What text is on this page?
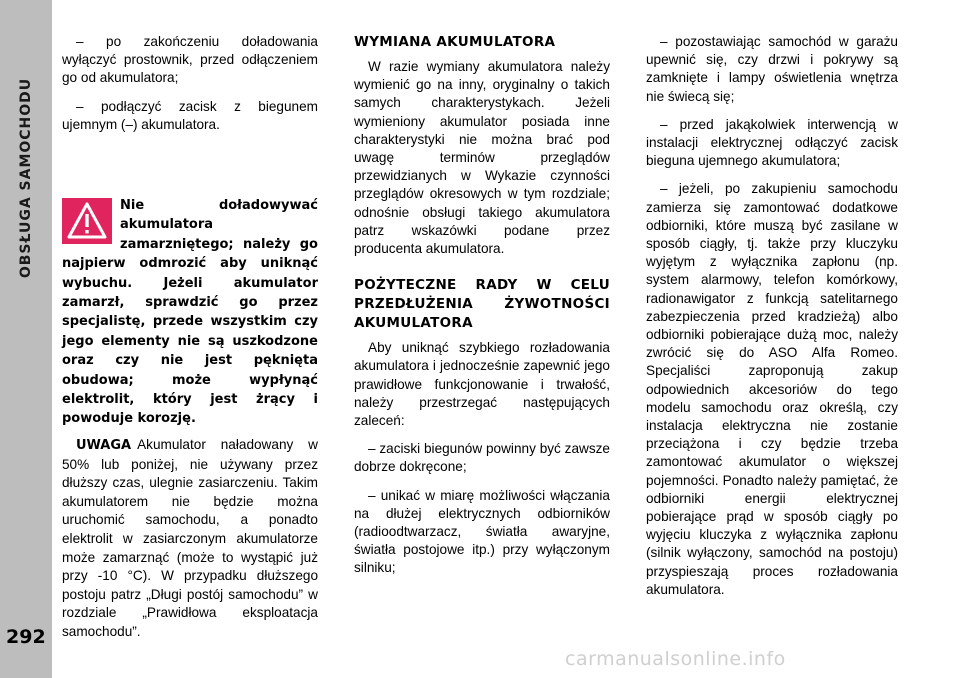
OBSŁUGA SAMOCHODU
292

– po zakończeniu doładowania wyłączyć prostownik, przed odłączeniem go od akumulatora;

– podłączyć zacisk z biegunem ujemnym (–) akumulatora.

Nie doładowywać akumulatora zamarzniętego; należy go najpierw odmrozić aby uniknąć wybuchu. Jeżeli akumulator zamarzł, sprawdzić go przez specjalistę, przede wszystkim czy jego elementy nie są uszkodzone oraz czy nie jest pęknięta obudowa; może wypłynąć elektrolit, który jest żrący i powoduje korozję.
UWAGA Akumulator naładowany w 50% lub poniżej, nie używany przez dłuższy czas, ulegnie zasiarczeniu. Takim akumulatorem nie będzie można uruchomić samochodu, a ponadto elektrolit w zasiarczonym akumulatorze może zamarznąć (może to wystąpić już przy -10 °C). W przypadku dłuższego postoju patrz „Długi postój samochodu” w rozdziale „Prawidłowa eksploatacja samochodu”.
WYMIANA AKUMULATORA

W razie wymiany akumulatora należy wymienić go na inny, oryginalny o takich samych charakterystykach. Jeżeli wymieniony akumulator posiada inne charakterystyki nie można brać pod uwagę terminów przeglądów przewidzianych w Wykazie czynności przeglądów okresowych w tym rozdziale; odnośnie obsługi takiego akumulatora patrz wskazówki podane przez producenta akumulatora.

POŻYTECZNE RADY W CELU PRZEDŁUŻENIA ŻYWOTNOŚCI AKUMULATORA

Aby uniknąć szybkiego rozładowania akumulatora i jednocześnie zapewnić jego prawidłowe funkcjonowanie i trwałość, należy przestrzegać następujących zaleceń:

– zaciski biegunów powinny być zawsze dobrze dokręcone;

– unikać w miarę możliwości włączania na dłużej elektrycznych odbiorników (radioodtwarzacz, światła awaryjne, światła postojowe itp.) przy wyłączonym silniku;

– pozostawiając samochód w garażu upewnić się, czy drzwi i pokrywy są zamknięte i lampy oświetlenia wnętrza nie świecą się;

– przed jakąkolwiek interwencją w instalacji elektrycznej odłączyć zacisk bieguna ujemnego akumulatora;

– jeżeli, po zakupieniu samochodu zamierza się zamontować dodatkowe odbiorniki, które muszą być zasilane w sposób ciągły, tj. także przy kluczyku wyjętym z wyłącznika zapłonu (np. system alarmowy, telefon komórkowy, radionawigator z funkcją satelitarnego zabezpieczenia przed kradzieżą) albo odbiorniki pobierające dużą moc, należy zwrócić się do ASO Alfa Romeo. Specjaliści zaproponują zakup odpowiednich akcesoriów do tego modelu samochodu oraz określą, czy instalacja elektryczna nie zostanie przeciążona i czy będzie trzeba zamontować akumulator o większej pojemności. Ponadto należy pamiętać, że odbiorniki energii elektrycznej pobierające prąd w sposób ciągły po wyjęciu kluczyka z wyłącznika zapłonu (silnik wyłączony, samochód na postoju) przyspieszają proces rozładowania akumulatora.

carmanualsonline.info
